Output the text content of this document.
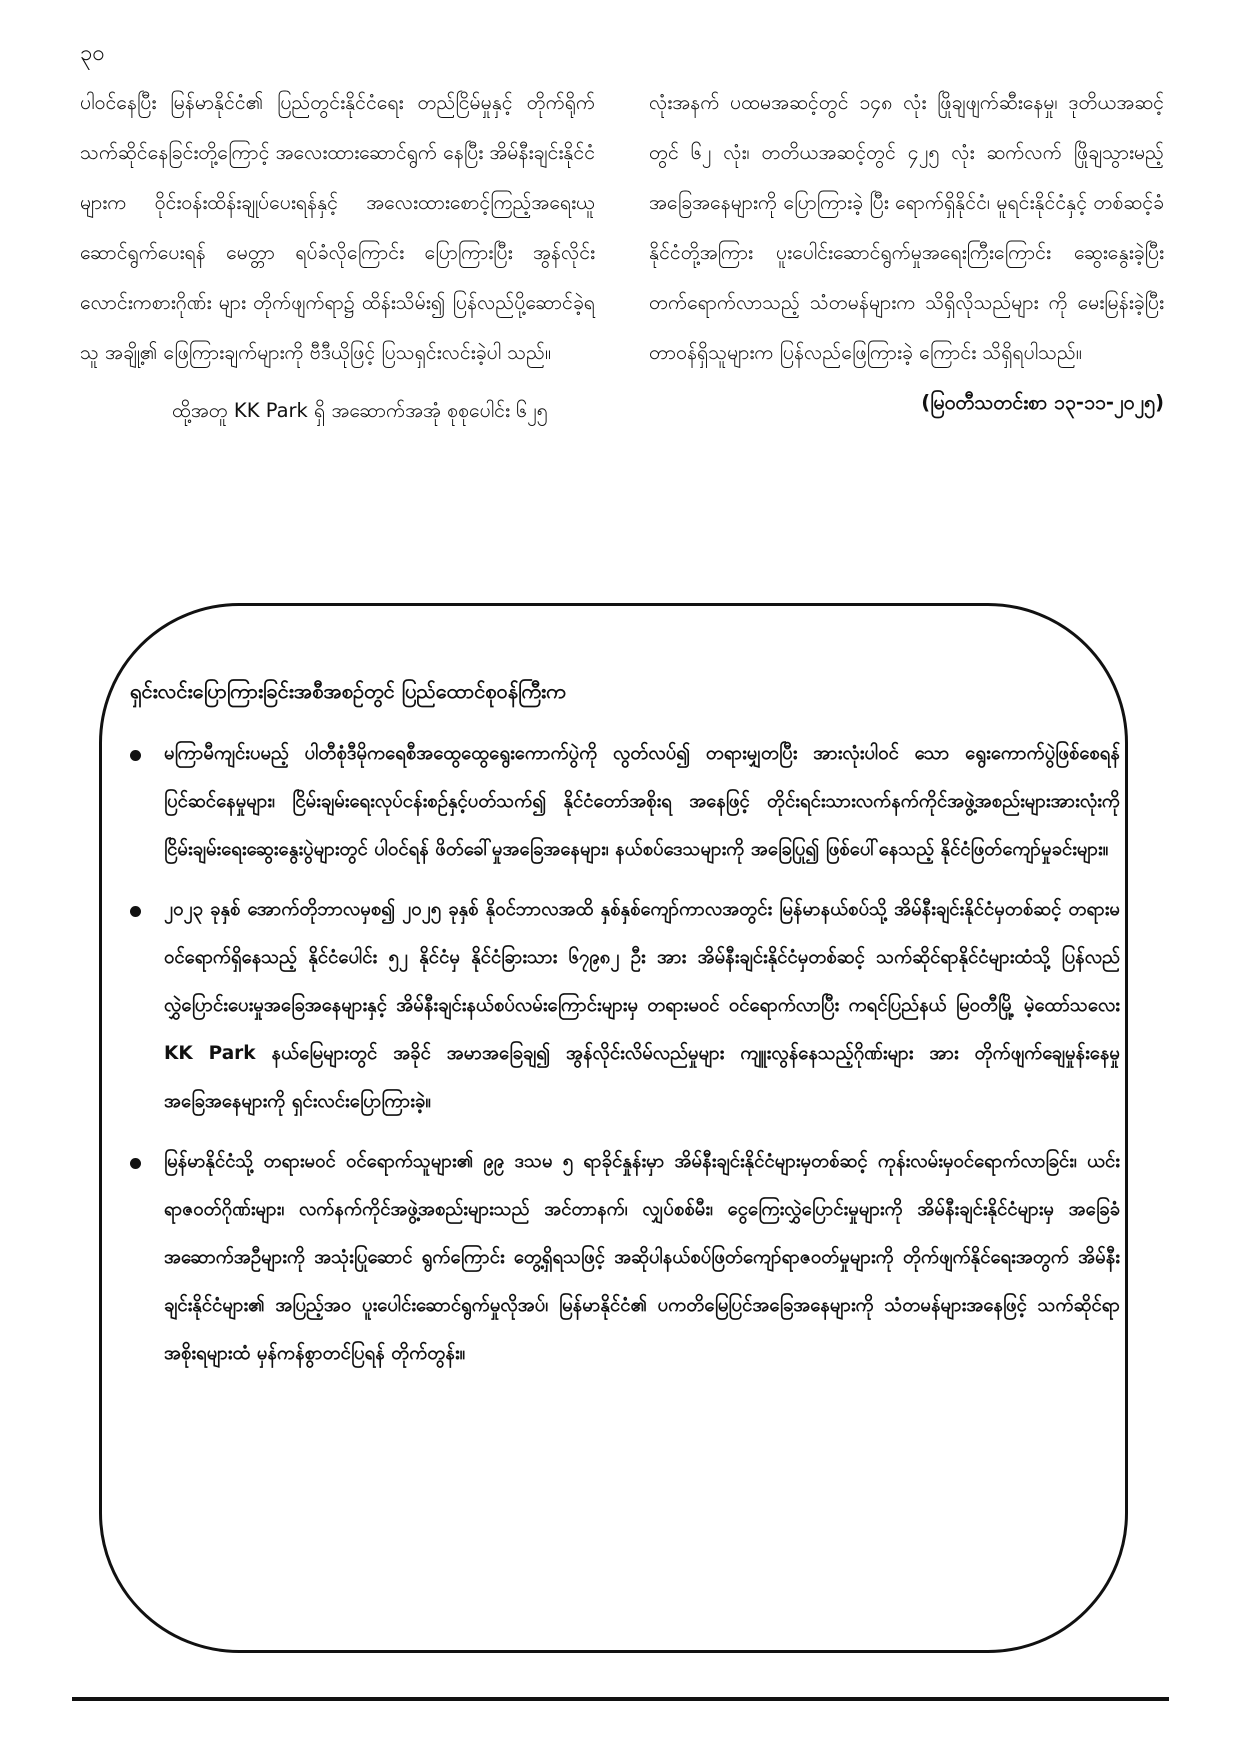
၃၀

ပါဝင်နေပြီး မြန်မာနိုင်ငံ၏ ပြည်တွင်းနိုင်ငံရေး တည်ငြိမ်မှုနှင့် တိုက်ရိုက်သက်ဆိုင်နေခြင်းတို့ကြောင့် အလေးထားဆောင်ရွက် နေပြီး အိမ်နီးချင်းနိုင်ငံများက ဝိုင်းဝန်းထိန်းချုပ်ပေးရန်နှင့် အလေးထားစောင့်ကြည့်အရေးယူဆောင်ရွက်ပေးရန် မေတ္တာ ရပ်ခံလိုကြောင်း ပြောကြားပြီး အွန်လိုင်းလောင်းကစားဂိုဏ်း များ တိုက်ဖျက်ရာ၌ ထိန်းသိမ်း၍ ပြန်လည်ပို့ဆောင်ခဲ့ရသူ အချို့၏ ဖြေကြားချက်များကို ဗီဒီယိုဖြင့် ပြသရှင်းလင်းခဲ့ပါ သည်။

ထို့အတူ KK Park ရှိ အဆောက်အအုံ စုစုပေါင်း ၆၂၅

လုံးအနက် ပထမအဆင့်တွင် ၁၄၈ လုံး ဖြိုချဖျက်ဆီးနေမှု၊ ဒုတိယအဆင့်တွင် ၆၂ လုံး၊ တတိယအဆင့်တွင် ၄၂၅ လုံး ဆက်လက် ဖြိုချသွားမည့် အခြေအနေများကို ပြောကြားခဲ့ ပြီး ရောက်ရှိနိုင်ငံ၊ မူရင်းနိုင်ငံနှင့် တစ်ဆင့်ခံနိုင်ငံတို့အကြား ပူးပေါင်းဆောင်ရွက်မှုအရေးကြီးကြောင်း ဆွေးနွေးခဲ့ပြီး တက်ရောက်လာသည့် သံတမန်များက သိရှိလိုသည်များ ကို မေးမြန်းခဲ့ပြီး တာဝန်ရှိသူများက ပြန်လည်ဖြေကြားခဲ့ ကြောင်း သိရှိရပါသည်။

(မြဝတီသတင်းစာ ၁၃-၁၁-၂၀၂၅)

ရှင်းလင်းပြောကြားခြင်းအစီအစဉ်တွင် ပြည်ထောင်စုဝန်ကြီးက
မကြာမီကျင်းပမည့် ပါတီစုံဒီမိုကရေစီအထွေထွေရွေးကောက်ပွဲကို လွတ်လပ်၍ တရားမျှတပြီး အားလုံးပါဝင် သော ရွေးကောက်ပွဲဖြစ်စေရန် ပြင်ဆင်နေမှုများ၊ ငြိမ်းချမ်းရေးလုပ်ငန်းစဉ်နှင့်ပတ်သက်၍ နိုင်ငံတော်အစိုးရ အနေဖြင့် တိုင်းရင်းသားလက်နက်ကိုင်အဖွဲ့အစည်းများအားလုံးကို ငြိမ်းချမ်းရေးဆွေးနွေးပွဲများတွင် ပါဝင်ရန် ဖိတ်ခေါ်မှုအခြေအနေများ၊ နယ်စပ်ဒေသများကို အခြေပြု၍ ဖြစ်ပေါ်နေသည့် နိုင်ငံဖြတ်ကျော်မှုခင်းများ။
၂၀၂၃ ခုနှစ် အောက်တိုဘာလမှစ၍ ၂၀၂၅ ခုနှစ် နိုဝင်ဘာလအထိ နှစ်နှစ်ကျော်ကာလအတွင်း မြန်မာနယ်စပ်သို့ အိမ်နီးချင်းနိုင်ငံမှတစ်ဆင့် တရားမဝင်ရောက်ရှိနေသည့် နိုင်ငံပေါင်း ၅၂ နိုင်ငံမှ နိုင်ငံခြားသား ၆၇၉၈၂ ဦး အား အိမ်နီးချင်းနိုင်ငံမှတစ်ဆင့် သက်ဆိုင်ရာနိုင်ငံများထံသို့ ပြန်လည်လွှဲပြောင်းပေးမှုအခြေအနေများနှင့် အိမ်နီးချင်းနယ်စပ်လမ်းကြောင်းများမှ တရားမဝင် ဝင်ရောက်လာပြီး ကရင်ပြည်နယ် မြဝတီမြို့ မဲ့ထော်သလေး KK Park နယ်မြေများတွင် အခိုင် အမာအခြေချ၍ အွန်လိုင်းလိမ်လည်မှုများ ကျူးလွန်နေသည့်ဂိုဏ်းများ အား တိုက်ဖျက်ချေမှုန်းနေမှုအခြေအနေများကို ရှင်းလင်းပြောကြားခဲ့။
မြန်မာနိုင်ငံသို့ တရားမဝင် ဝင်ရောက်သူများ၏ ၉၉ ဒသမ ၅ ရာခိုင်နှုန်းမှာ အိမ်နီးချင်းနိုင်ငံများမှတစ်ဆင့် ကုန်းလမ်းမှဝင်ရောက်လာခြင်း၊ ယင်းရာဇဝတ်ဂိုဏ်းများ၊ လက်နက်ကိုင်အဖွဲ့အစည်းများသည် အင်တာနက်၊ လျှပ်စစ်မီး၊ ငွေကြေးလွှဲပြောင်းမှုများကို အိမ်နီးချင်းနိုင်ငံများမှ အခြေခံအဆောက်အဦများကို အသုံးပြုဆောင် ရွက်ကြောင်း တွေ့ရှိရသဖြင့် အဆိုပါနယ်စပ်ဖြတ်ကျော်ရာဇဝတ်မှုများကို တိုက်ဖျက်နိုင်ရေးအတွက် အိမ်နီး ချင်းနိုင်ငံများ၏ အပြည့်အဝ ပူးပေါင်းဆောင်ရွက်မှုလိုအပ်၊ မြန်မာနိုင်ငံ၏ ပကတိမြေပြင်အခြေအနေများကို သံတမန်များအနေဖြင့် သက်ဆိုင်ရာအစိုးရများထံ မှန်ကန်စွာတင်ပြရန် တိုက်တွန်း။
